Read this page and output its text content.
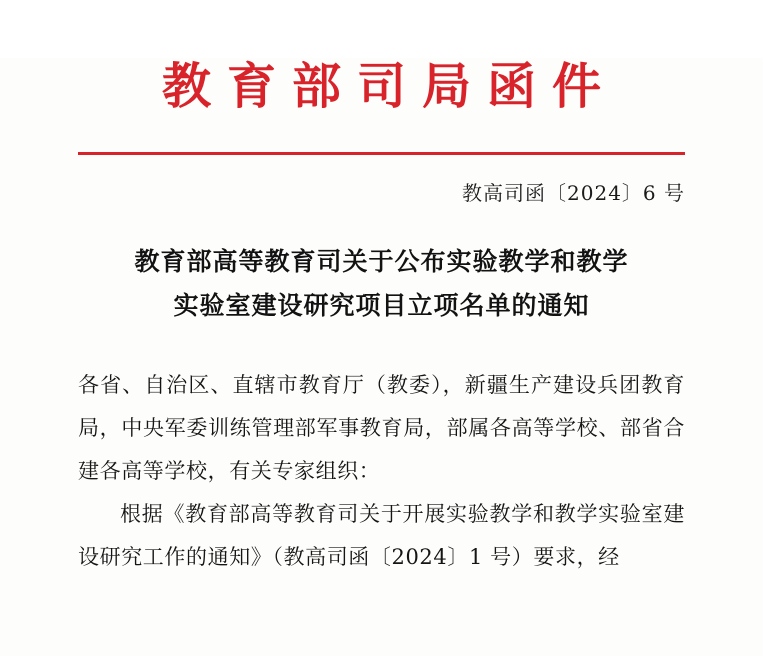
教育部司局函件
教高司函〔2024〕6 号
教育部高等教育司关于公布实验教学和教学
实验室建设研究项目立项名单的通知

各省、自治区、直辖市教育厅（教委），新疆生产建设兵团教育局，中央军委训练管理部军事教育局，部属各高等学校、部省合建各高等学校，有关专家组织：

根据《教育部高等教育司关于开展实验教学和教学实验室建设研究工作的通知》（教高司函〔2024〕1 号）要求，经
